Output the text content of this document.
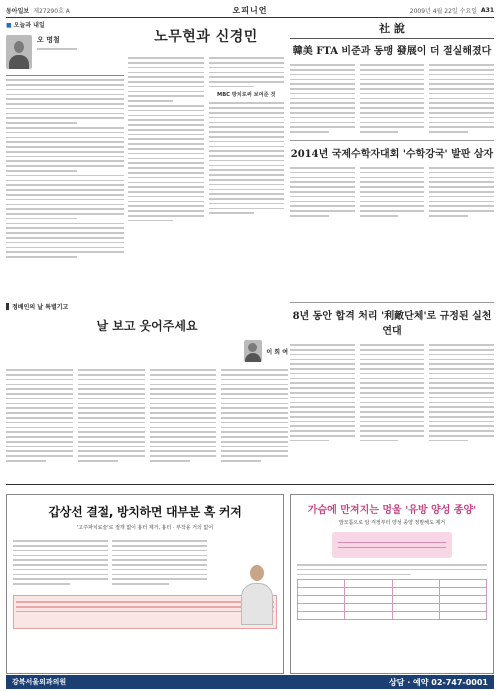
동아일보 제27290호 A	오피니언	2009년 4월 22일 수요일 A31
■ 오늘과 내일
오 명철	노무현과 신경민
MBC 방치로써 보여준 것
社 說
韓美 FTA 비준과 동맹 發展이 더 절실해졌다
2014년 국제수학자대회 '수학강국' 발판 삼자
정배인의 날 특별기고
날 보고 웃어주세요
이 희 여
8년 동안 합격 처리 '利敵단체'로 규정된 실천연대
갑상선 결절, 방치하면 대부분 혹 커져
'고주파치료술'로 절개 없이 흉터 제거, 흉터 · 부작용 거의 없어
가슴에 만져지는 멍울 '유방 양성 종양'
맘모톰으로 암 걱정부터 양성 종양 정말해도 제거

강북서울외과의원	상담 · 예약 02-747-0001
